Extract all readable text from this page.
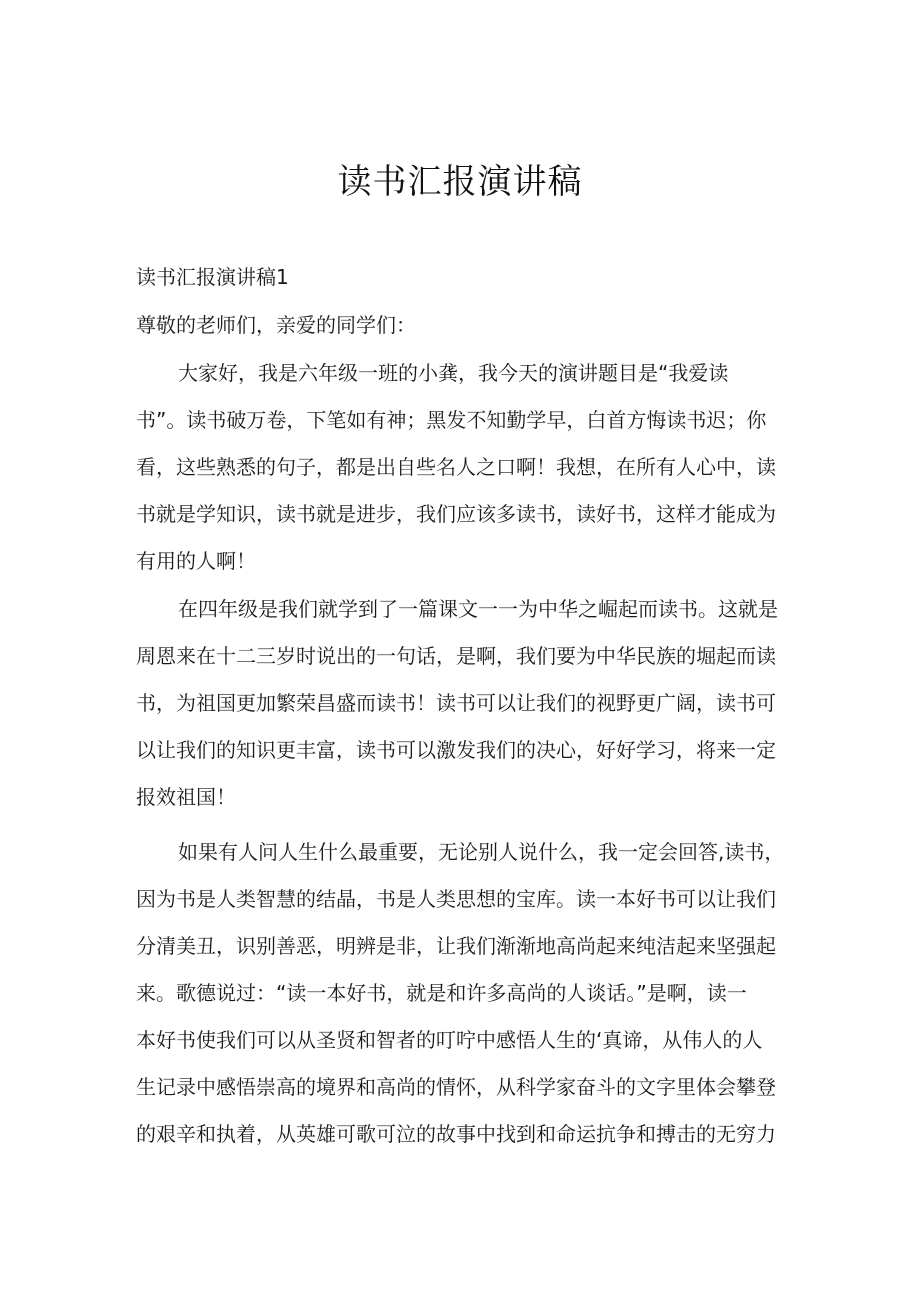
读书汇报演讲稿
读书汇报演讲稿1
尊敬的老师们，亲爱的同学们：
大家好，我是六年级一班的小龚，我今天的演讲题目是“我爱读
书”。读书破万卷，下笔如有神；黑发不知勤学早，白首方悔读书迟；你
看，这些熟悉的句子，都是出自些名人之口啊！我想，在所有人心中，读
书就是学知识，读书就是进步，我们应该多读书，读好书，这样才能成为
有用的人啊！
在四年级是我们就学到了一篇课文一一为中华之崛起而读书。这就是
周恩来在十二三岁时说出的一句话，是啊，我们要为中华民族的堀起而读
书，为祖国更加繁荣昌盛而读书！读书可以让我们的视野更广阔，读书可
以让我们的知识更丰富，读书可以激发我们的决心，好好学习，将来一定
报效祖国！
如果有人问人生什么最重要，无论别人说什么，我一定会回答,读书，
因为书是人类智慧的结晶，书是人类思想的宝库。读一本好书可以让我们
分清美丑，识别善恶，明辨是非，让我们渐渐地高尚起来纯洁起来坚强起
来。歌德说过：“读一本好书，就是和许多高尚的人谈话。”是啊，读一
本好书使我们可以从圣贤和智者的叮咛中感悟人生的‘真谛，从伟人的人
生记录中感悟崇高的境界和高尚的情怀，从科学家奋斗的文字里体会攀登
的艰辛和执着，从英雄可歌可泣的故事中找到和命运抗争和搏击的无穷力
